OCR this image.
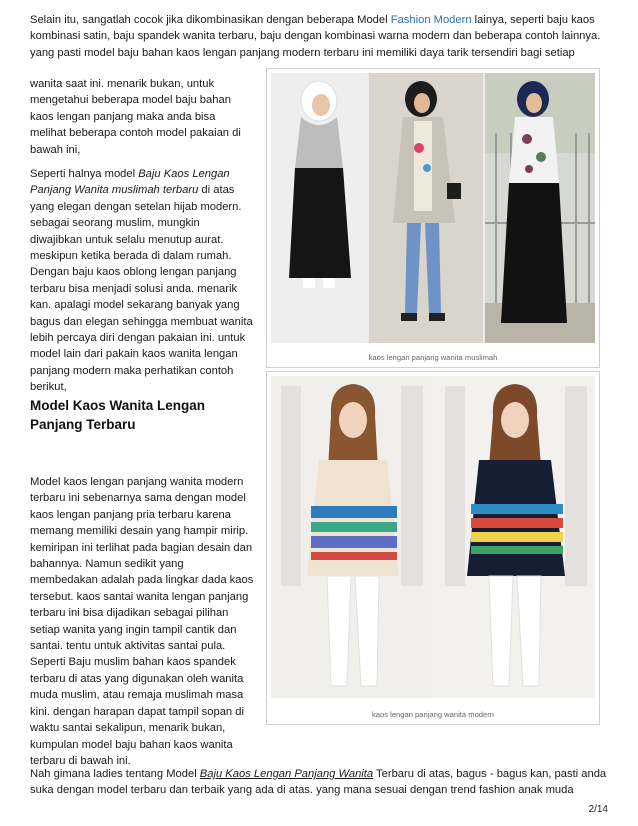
Selain itu, sangatlah cocok jika dikombinasikan dengan beberapa Model Fashion Modern lainya, seperti baju kaos kombinasi satin, baju spandek wanita terbaru, baju dengan kombinasi warna modern dan beberapa contoh lainnya. yang pasti model baju bahan kaos lengan panjang modern terbaru ini memiliki daya tarik tersendiri bagi setiap

wanita saat ini. menarik bukan, untuk
mengetahui beberapa model baju bahan
kaos lengan panjang maka anda bisa
melihat beberapa contoh model pakaian di
bawah ini,

Seperti halnya model Baju Kaos Lengan
Panjang Wanita muslimah terbaru di atas
yang elegan dengan setelan hijab modern.
sebagai seorang muslim, mungkin
diwajibkan untuk selalu menutup aurat.
meskipun ketika berada di dalam rumah.
Dengan baju kaos oblong lengan panjang
terbaru bisa menjadi solusi anda. menarik
kan. apalagi model sekarang banyak yang
bagus dan elegan sehingga membuat wanita
lebih percaya diri dengan pakaian ini. untuk
model lain dari pakain kaos wanita lengan
panjang modern maka perhatikan contoh
berikut,

Model Kaos Wanita Lengan Panjang Terbaru

Model kaos lengan panjang wanita modern
terbaru ini sebenarnya sama dengan model
kaos lengan panjang pria terbaru karena
memang memiliki desain yang hampir mirip.
kemiripan ini terlihat pada bagian desain dan
bahannya. Namun sedikit yang
membedakan adalah pada lingkar dada kaos
tersebut. kaos santai wanita lengan panjang
terbaru ini bisa dijadikan sebagai pilihan
setiap wanita yang ingin tampil cantik dan
santai. tentu untuk aktivitas santai pula.
Seperti Baju muslim bahan kaos spandek
terbaru di atas yang digunakan oleh wanita
muda muslim, atau remaja muslimah masa
kini. dengan harapan dapat tampil sopan di
waktu santai sekalipun, menarik bukan,
kumpulan model baju bahan kaos wanita
terbaru di bawah ini.

Nah gimana ladies tentang Model Baju Kaos Lengan Panjang Wanita Terbaru di atas, bagus - bagus kan, pasti anda suka dengan model terbaru dan terbaik yang ada di atas. yang mana sesuai dengan trend fashion anak muda

kaos lengan panjang wanita muslimah
kaos lengan panjang wanita modern
2/14
